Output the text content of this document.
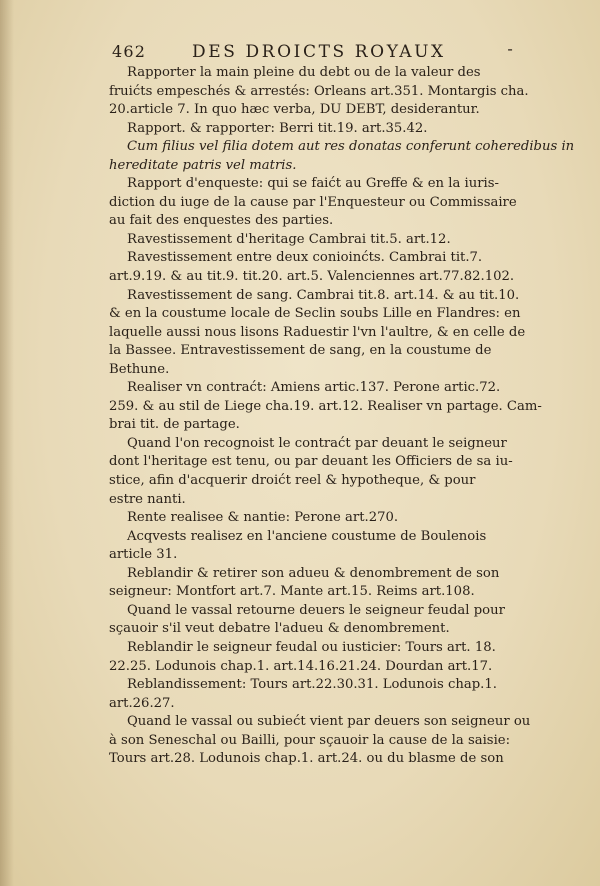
462	DES DROICTS ROYAUX	-
Rapporter la main pleine du debt ou de la valeur des
fruićts empeschés & arrestés: Orleans art.351. Montargis cha.
20.article 7. In quo hæc verba, DU DEBT, desiderantur.
Rapport. & rapporter: Berri tit.19. art.35.42.
Cum filius vel filia dotem aut res donatas conferunt coheredibus in
hereditate patris vel matris.
Rapport d'enqueste: qui se faićt au Greffe & en la iuris-
diction du iuge de la cause par l'Enquesteur ou Commissaire
au fait des enquestes des parties.
Ravestissement d'heritage Cambrai tit.5. art.12.
Ravestissement entre deux conioinćts. Cambrai tit.7.
art.9.19. & au tit.9. tit.20. art.5. Valenciennes art.77.82.102.
Ravestissement de sang. Cambrai tit.8. art.14. & au tit.10.
& en la coustume locale de Seclin soubs Lille en Flandres: en
laquelle aussi nous lisons Raduestir l'vn l'aultre, & en celle de
la Bassee. Entravestissement de sang, en la coustume de
Bethune.
Realiser vn contraćt: Amiens artic.137. Perone artic.72.
259. & au stil de Liege cha.19. art.12. Realiser vn partage. Cam-
brai tit. de partage.
Quand l'on recognoist le contraćt par deuant le seigneur
dont l'heritage est tenu, ou par deuant les Officiers de sa iu-
stice, afin d'acquerir droićt reel & hypotheque, & pour
estre nanti.
Rente realisee & nantie: Perone art.270.
Acqvests realisez en l'anciene coustume de Boulenois
article 31.
Reblandir & retirer son adueu & denombrement de son
seigneur: Montfort art.7. Mante art.15. Reims art.108.
Quand le vassal retourne deuers le seigneur feudal pour
sçauoir s'il veut debatre l'adueu & denombrement.
Reblandir le seigneur feudal ou iusticier: Tours art. 18.
22.25. Lodunois chap.1. art.14.16.21.24. Dourdan art.17.
Reblandissement: Tours art.22.30.31. Lodunois chap.1.
art.26.27.
Quand le vassal ou subiećt vient par deuers son seigneur ou
à son Seneschal ou Bailli, pour sçauoir la cause de la saisie:
Tours art.28. Lodunois chap.1. art.24. ou du blasme de son
